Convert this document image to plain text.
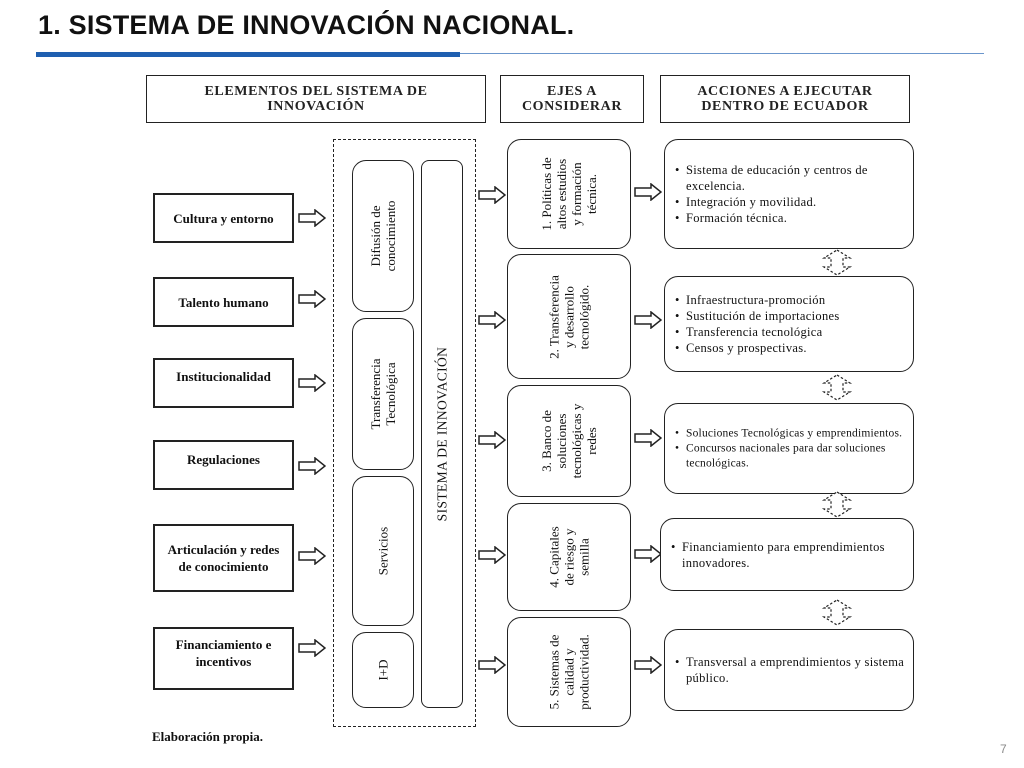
1. SISTEMA DE INNOVACIÓN NACIONAL.
ELEMENTOS DEL SISTEMA DE INNOVACIÓN
EJES A CONSIDERAR
ACCIONES A EJECUTAR DENTRO DE ECUADOR
Cultura y entorno
Talento humano
Institucionalidad
Regulaciones
Articulación y redes de conocimiento
Financiamiento e incentivos
Difusión de
conocimiento
Transferencia
Tecnológica
Servicios
I+D
SISTEMA DE INNOVACIÓN
1. Políticas de
altos estudios
y formación
técnica.
2. Transferencia
y desarrollo
tecnológido.
3. Banco de
soluciones
tecnológicas y
redes
4. Capitales
de riesgo y
semilla
5. Sistemas de
calidad y
productividad.
• Sistema de educación y centros de excelencia.
• Integración y movilidad.
• Formación técnica.
• Infraestructura-promoción
• Sustitución de importaciones
• Transferencia tecnológica
• Censos y prospectivas.
• Soluciones Tecnológicas y emprendimientos.
• Concursos nacionales para dar soluciones tecnológicas.
• Financiamiento para emprendimientos innovadores.
• Transversal a emprendimientos y sistema público.
Elaboración propia.
7
